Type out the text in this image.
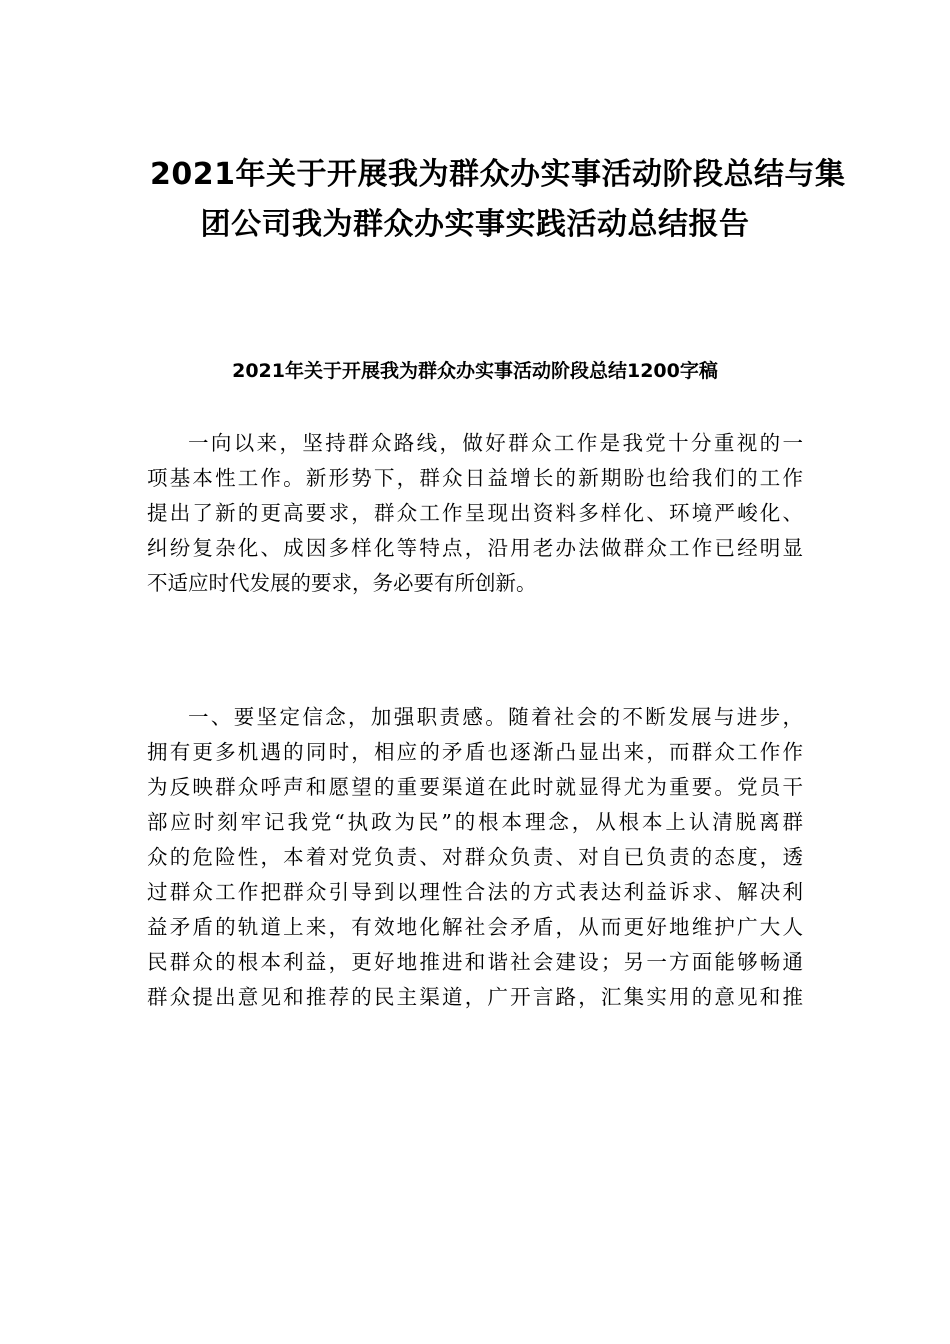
2021年关于开展我为群众办实事活动阶段总结与集
团公司我为群众办实事实践活动总结报告
2021年关于开展我为群众办实事活动阶段总结1200字稿
一向以来，坚持群众路线，做好群众工作是我党十分重视的一
项基本性工作。新形势下，群众日益增长的新期盼也给我们的工作
提出了新的更高要求，群众工作呈现出资料多样化、环境严峻化、
纠纷复杂化、成因多样化等特点，沿用老办法做群众工作已经明显
不适应时代发展的要求，务必要有所创新。
一、要坚定信念，加强职责感。随着社会的不断发展与进步，
拥有更多机遇的同时，相应的矛盾也逐渐凸显出来，而群众工作作
为反映群众呼声和愿望的重要渠道在此时就显得尤为重要。党员干
部应时刻牢记我党“执政为民”的根本理念，从根本上认清脱离群
众的危险性，本着对党负责、对群众负责、对自已负责的态度，透
过群众工作把群众引导到以理性合法的方式表达利益诉求、解决利
益矛盾的轨道上来，有效地化解社会矛盾，从而更好地维护广大人
民群众的根本利益，更好地推进和谐社会建设；另一方面能够畅通
群众提出意见和推荐的民主渠道，广开言路，汇集实用的意见和推
